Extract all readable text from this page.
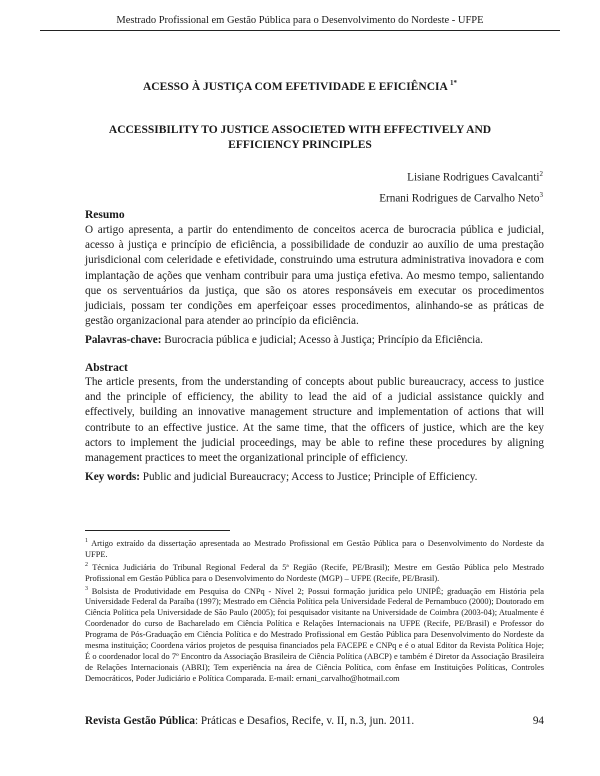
Mestrado Profissional em Gestão Pública para o Desenvolvimento do Nordeste - UFPE
ACESSO À JUSTIÇA COM EFETIVIDADE E EFICIÊNCIA $^{1*}$
ACCESSIBILITY TO JUSTICE ASSOCIETED WITH EFFECTIVELY AND EFFICIENCY PRINCIPLES
Lisiane Rodrigues Cavalcanti$^2$
Ernani Rodrigues de Carvalho Neto$^3$
Resumo
O artigo apresenta, a partir do entendimento de conceitos acerca de burocracia pública e judicial, acesso à justiça e princípio de eficiência, a possibilidade de conduzir ao auxílio de uma prestação jurisdicional com celeridade e efetividade, construindo uma estrutura administrativa inovadora e com implantação de ações que venham contribuir para uma justiça efetiva. Ao mesmo tempo, salientando que os serventuários da justiça, que são os atores responsáveis em executar os procedimentos judiciais, possam ter condições em aperfeiçoar esses procedimentos, alinhando-se as práticas de gestão organizacional para atender ao princípio da eficiência.
Palavras-chave: Burocracia pública e judicial; Acesso à Justiça; Princípio da Eficiência.
Abstract
The article presents, from the understanding of concepts about public bureaucracy, access to justice and the principle of efficiency, the ability to lead the aid of a judicial assistance quickly and effectively, building an innovative management structure and implementation of actions that will contribute to an effective justice. At the same time, that the officers of justice, which are the key actors to implement the judicial proceedings, may be able to refine these procedures by aligning management practices to meet the organizational principle of efficiency.
Key words: Public and judicial Bureaucracy; Access to Justice; Principle of Efficiency.

$^1$ Artigo extraído da dissertação apresentada ao Mestrado Profissional em Gestão Pública para o Desenvolvimento do Nordeste da UFPE.

$^2$ Técnica Judiciária do Tribunal Regional Federal da 5ª Região (Recife, PE/Brasil); Mestre em Gestão Pública pelo Mestrado Profissional em Gestão Pública para o Desenvolvimento do Nordeste (MGP) – UFPE (Recife, PE/Brasil).

$^3$ Bolsista de Produtividade em Pesquisa do CNPq - Nível 2; Possui formação jurídica pelo UNIPÊ; graduação em História pela Universidade Federal da Paraíba (1997); Mestrado em Ciência Política pela Universidade Federal de Pernambuco (2000); Doutorado em Ciência Política pela Universidade de São Paulo (2005); foi pesquisador visitante na Universidade de Coimbra (2003-04); Atualmente é Coordenador do curso de Bacharelado em Ciência Política e Relações Internacionais na UFPE (Recife, PE/Brasil) e Professor do Programa de Pós-Graduação em Ciência Política e do Mestrado Profissional em Gestão Pública para Desenvolvimento do Nordeste da mesma instituição; Coordena vários projetos de pesquisa financiados pela FACEPE e CNPq e é o atual Editor da Revista Política Hoje; É o coordenador local do 7º Encontro da Associação Brasileira de Ciência Política (ABCP) e também é Diretor da Associação Brasileira de Relações Internacionais (ABRI); Tem experiência na área de Ciência Política, com ênfase em Instituições Políticas, Controles Democráticos, Poder Judiciário e Política Comparada. E-mail: ernani_carvalho@hotmail.com

Revista Gestão Pública: Práticas e Desafios, Recife, v. II, n.3, jun. 2011.	94
